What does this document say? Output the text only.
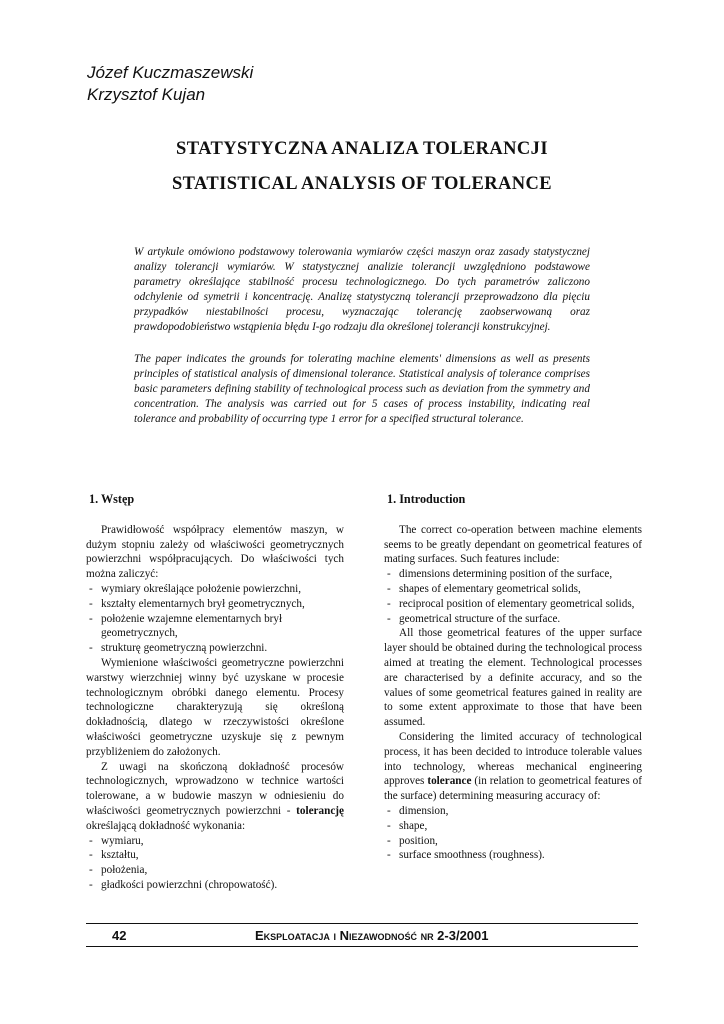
Józef Kuczmaszewski
Krzysztof Kujan
STATYSTYCZNA ANALIZA TOLERANCJI
STATISTICAL ANALYSIS OF TOLERANCE

W artykule omówiono podstawowy tolerowania wymiarów części maszyn oraz zasady statystycznej analizy tolerancji wymiarów. W statystycznej analizie tolerancji uwzględniono podstawowe parametry określające stabilność procesu technologicznego. Do tych parametrów zaliczono odchylenie od symetrii i koncentrację. Analizę statystyczną tolerancji przeprowadzono dla pięciu przypadków niestabilności procesu, wyznaczając tolerancję zaobserwowaną oraz prawdopodobieństwo wstąpienia błędu I-go rodzaju dla określonej tolerancji konstrukcyjnej.

The paper indicates the grounds for tolerating machine elements' dimensions as well as presents principles of statistical analysis of dimensional tolerance. Statistical analysis of tolerance comprises basic parameters defining stability of technological process such as deviation from the symmetry and concentration. The analysis was carried out for 5 cases of process instability, indicating real tolerance and probability of occurring type 1 error for a specified structural tolerance.

1. Wstęp

Prawidłowość współpracy elementów maszyn, w dużym stopniu zależy od właściwości geometrycznych powierzchni współpracujących. Do właściwości tych można zaliczyć:

- wymiary określające położenie powierzchni,
- kształty elementarnych brył geometrycznych,
- położenie wzajemne elementarnych brył geometrycznych,
- strukturę geometryczną powierzchni.

Wymienione właściwości geometryczne powierzchni warstwy wierzchniej winny być uzyskane w procesie technologicznym obróbki danego elementu. Procesy technologiczne charakteryzują się określoną dokładnością, dlatego w rzeczywistości określone właściwości geometryczne uzyskuje się z pewnym przybliżeniem do założonych.

Z uwagi na skończoną dokładność procesów technologicznych, wprowadzono w technice wartości tolerowane, a w budowie maszyn w odniesieniu do właściwości geometrycznych powierzchni - tolerancję określającą dokładność wykonania:

- wymiaru,
- kształtu,
- położenia,
- gładkości powierzchni (chropowatość).
1. Introduction

The correct co-operation between machine elements seems to be greatly dependant on geometrical features of mating surfaces. Such features include:

- dimensions determining position of the surface,
- shapes of elementary geometrical solids,
- reciprocal position of elementary geometrical solids,
- geometrical structure of the surface.

All those geometrical features of the upper surface layer should be obtained during the technological process aimed at treating the element. Technological processes are characterised by a definite accuracy, and so the values of some geometrical features gained in reality are to some extent approximate to those that have been assumed.

Considering the limited accuracy of technological process, it has been decided to introduce tolerable values into technology, whereas mechanical engineering approves tolerance (in relation to geometrical features of the surface) determining measuring accuracy of:

- dimension,
- shape,
- position,
- surface smoothness (roughness).
42	Eksploatacja i Niezawodność nr 2-3/2001
